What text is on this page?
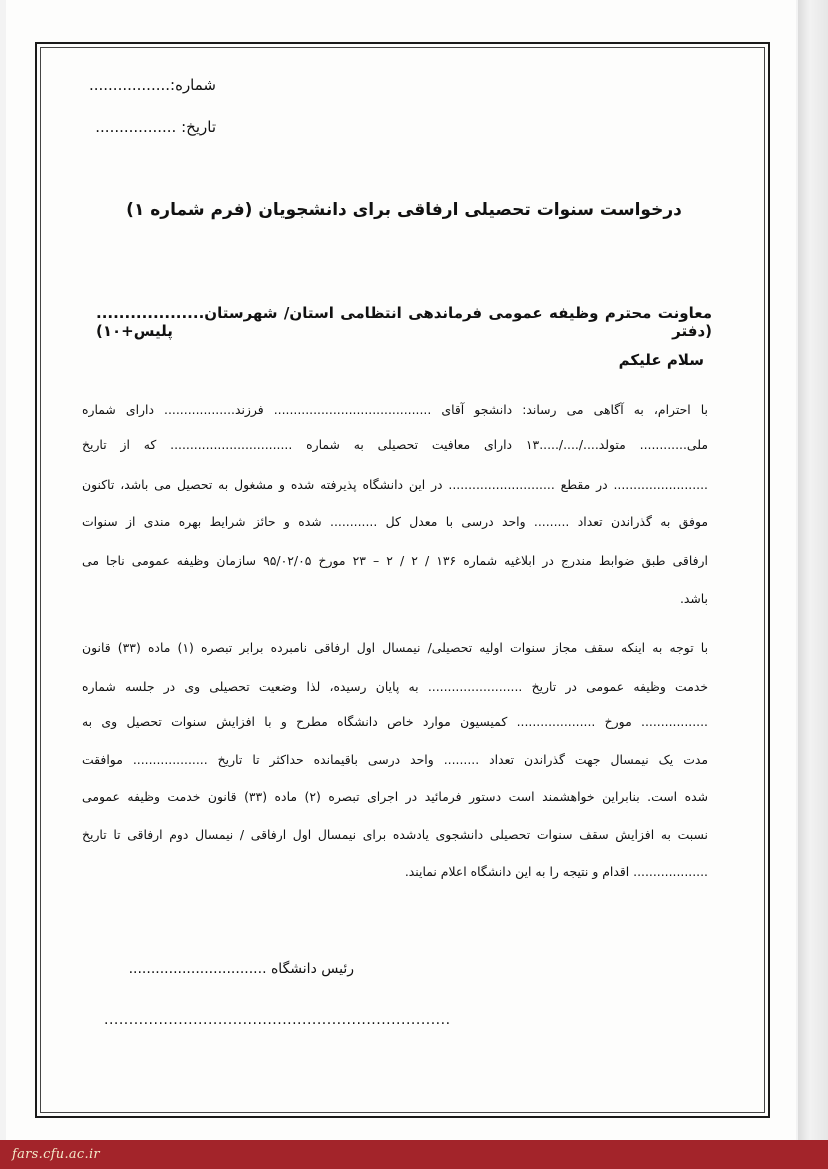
شماره:.................
تاریخ: .................
درخواست سنوات تحصیلی ارفاقی برای دانشجویان (فرم شماره ۱)
معاونت محترم وظیفه عمومی فرماندهی انتظامی استان/ شهرستان...................(دفتر پلیس+۱۰)
سلام علیکم
با احترام، به آگاهی می رساند: دانشجو آقای ........................................ فرزند.................. دارای شماره
ملی............ متولد..../..../.....۱۳ دارای معافیت تحصیلی به شماره ............................... که از تاریخ
........................ در مقطع ........................... در این دانشگاه پذیرفته شده و مشغول به تحصیل می باشد، تاکنون
موفق به گذراندن تعداد ......... واحد درسی با معدل کل ............ شده و حائز شرایط بهره مندی از سنوات
ارفاقی طبق ضوابط مندرج در ابلاغیه شماره ۱۳۶ / ۲ / ۲ – ۲۳ مورخ ۹۵/۰۲/۰۵ سازمان وظیفه عمومی ناجا می
باشد.
با توجه به اینکه سقف مجاز سنوات اولیه تحصیلی/ نیمسال اول ارفاقی نامبرده برابر تبصره (۱) ماده (۳۳) قانون
خدمت وظیفه عمومی در تاریخ ........................ به پایان رسیده، لذا وضعیت تحصیلی وی در جلسه شماره
................. مورخ .................... کمیسیون موارد خاص دانشگاه مطرح و با افزایش سنوات تحصیل وی به
مدت یک نیمسال جهت گذراندن تعداد ......... واحد درسی باقیمانده حداکثر تا تاریخ ................... موافقت
شده است. بنابراین خواهشمند است دستور فرمائید در اجرای تبصره (۲) ماده (۳۳) قانون خدمت وظیفه عمومی
نسبت به افزایش سقف سنوات تحصیلی دانشجوی یادشده برای نیمسال اول ارفاقی / نیمسال دوم ارفاقی تا تاریخ
................... اقدام و نتیجه را به این دانشگاه اعلام نمایند.
رئیس دانشگاه ...............................
......................................................................
fars.cfu.ac.ir
